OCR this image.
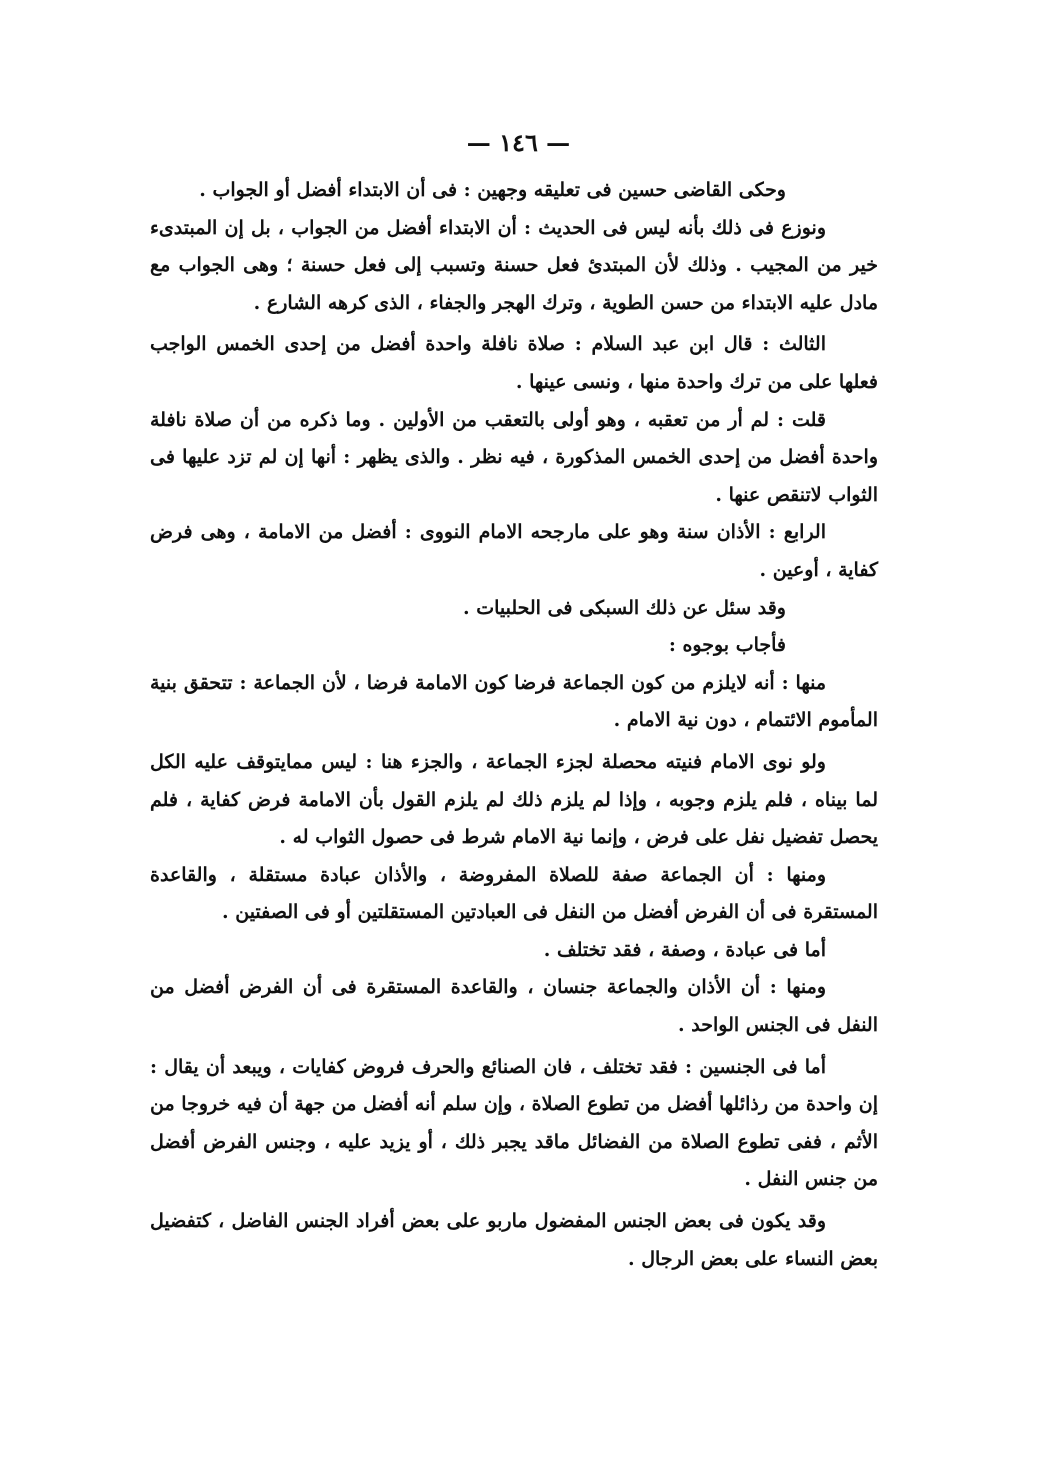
— ١٤٦ —

وحكى القاضى حسين فى تعليقه وجهين : فى أن الابتداء أفضل أو الجواب .

ونوزع فى ذلك بأنه ليس فى الحديث : أن الابتداء أفضل من الجواب ، بل إن المبتدىء خير من المجيب . وذلك لأن المبتدئ فعل حسنة وتسبب إلى فعل حسنة ؛ وهى الجواب مع مادل عليه الابتداء من حسن الطوية ، وترك الهجر والجفاء ، الذى كرهه الشارع .

الثالث : قال ابن عبد السلام : صلاة نافلة واحدة أفضل من إحدى الخمس الواجب فعلها على من ترك واحدة منها ، ونسى عينها .

قلت : لم أر من تعقبه ، وهو أولى بالتعقب من الأولين . وما ذكره من أن صلاة نافلة واحدة أفضل من إحدى الخمس المذكورة ، فيه نظر . والذى يظهر : أنها إن لم تزد عليها فى الثواب لاتنقص عنها .

الرابع : الأذان سنة وهو على مارجحه الامام النووى : أفضل من الامامة ، وهى فرض كفاية ، أوعين .

وقد سئل عن ذلك السبكى فى الحلبيات .

فأجاب بوجوه :

منها : أنه لايلزم من كون الجماعة فرضا كون الامامة فرضا ، لأن الجماعة : تتحقق بنية المأموم الائتمام ، دون نية الامام .

ولو نوى الامام فنيته محصلة لجزء الجماعة ، والجزء هنا : ليس ممايتوقف عليه الكل لما بيناه ، فلم يلزم وجوبه ، وإذا لم يلزم ذلك لم يلزم القول بأن الامامة فرض كفاية ، فلم يحصل تفضيل نفل على فرض ، وإنما نية الامام شرط فى حصول الثواب له .

ومنها : أن الجماعة صفة للصلاة المفروضة ، والأذان عبادة مستقلة ، والقاعدة المستقرة فى أن الفرض أفضل من النفل فى العبادتين المستقلتين أو فى الصفتين .

أما فى عبادة ، وصفة ، فقد تختلف .

ومنها : أن الأذان والجماعة جنسان ، والقاعدة المستقرة فى أن الفرض أفضل من النفل فى الجنس الواحد .

أما فى الجنسين : فقد تختلف ، فان الصنائع والحرف فروض كفايات ، ويبعد أن يقال : إن واحدة من رذائلها أفضل من تطوع الصلاة ، وإن سلم أنه أفضل من جهة أن فيه خروجا من الأثم ، ففى تطوع الصلاة من الفضائل ماقد يجبر ذلك ، أو يزيد عليه ، وجنس الفرض أفضل من جنس النفل .

وقد يكون فى بعض الجنس المفضول ماربو على بعض أفراد الجنس الفاضل ، كتفضيل بعض النساء على بعض الرجال .
